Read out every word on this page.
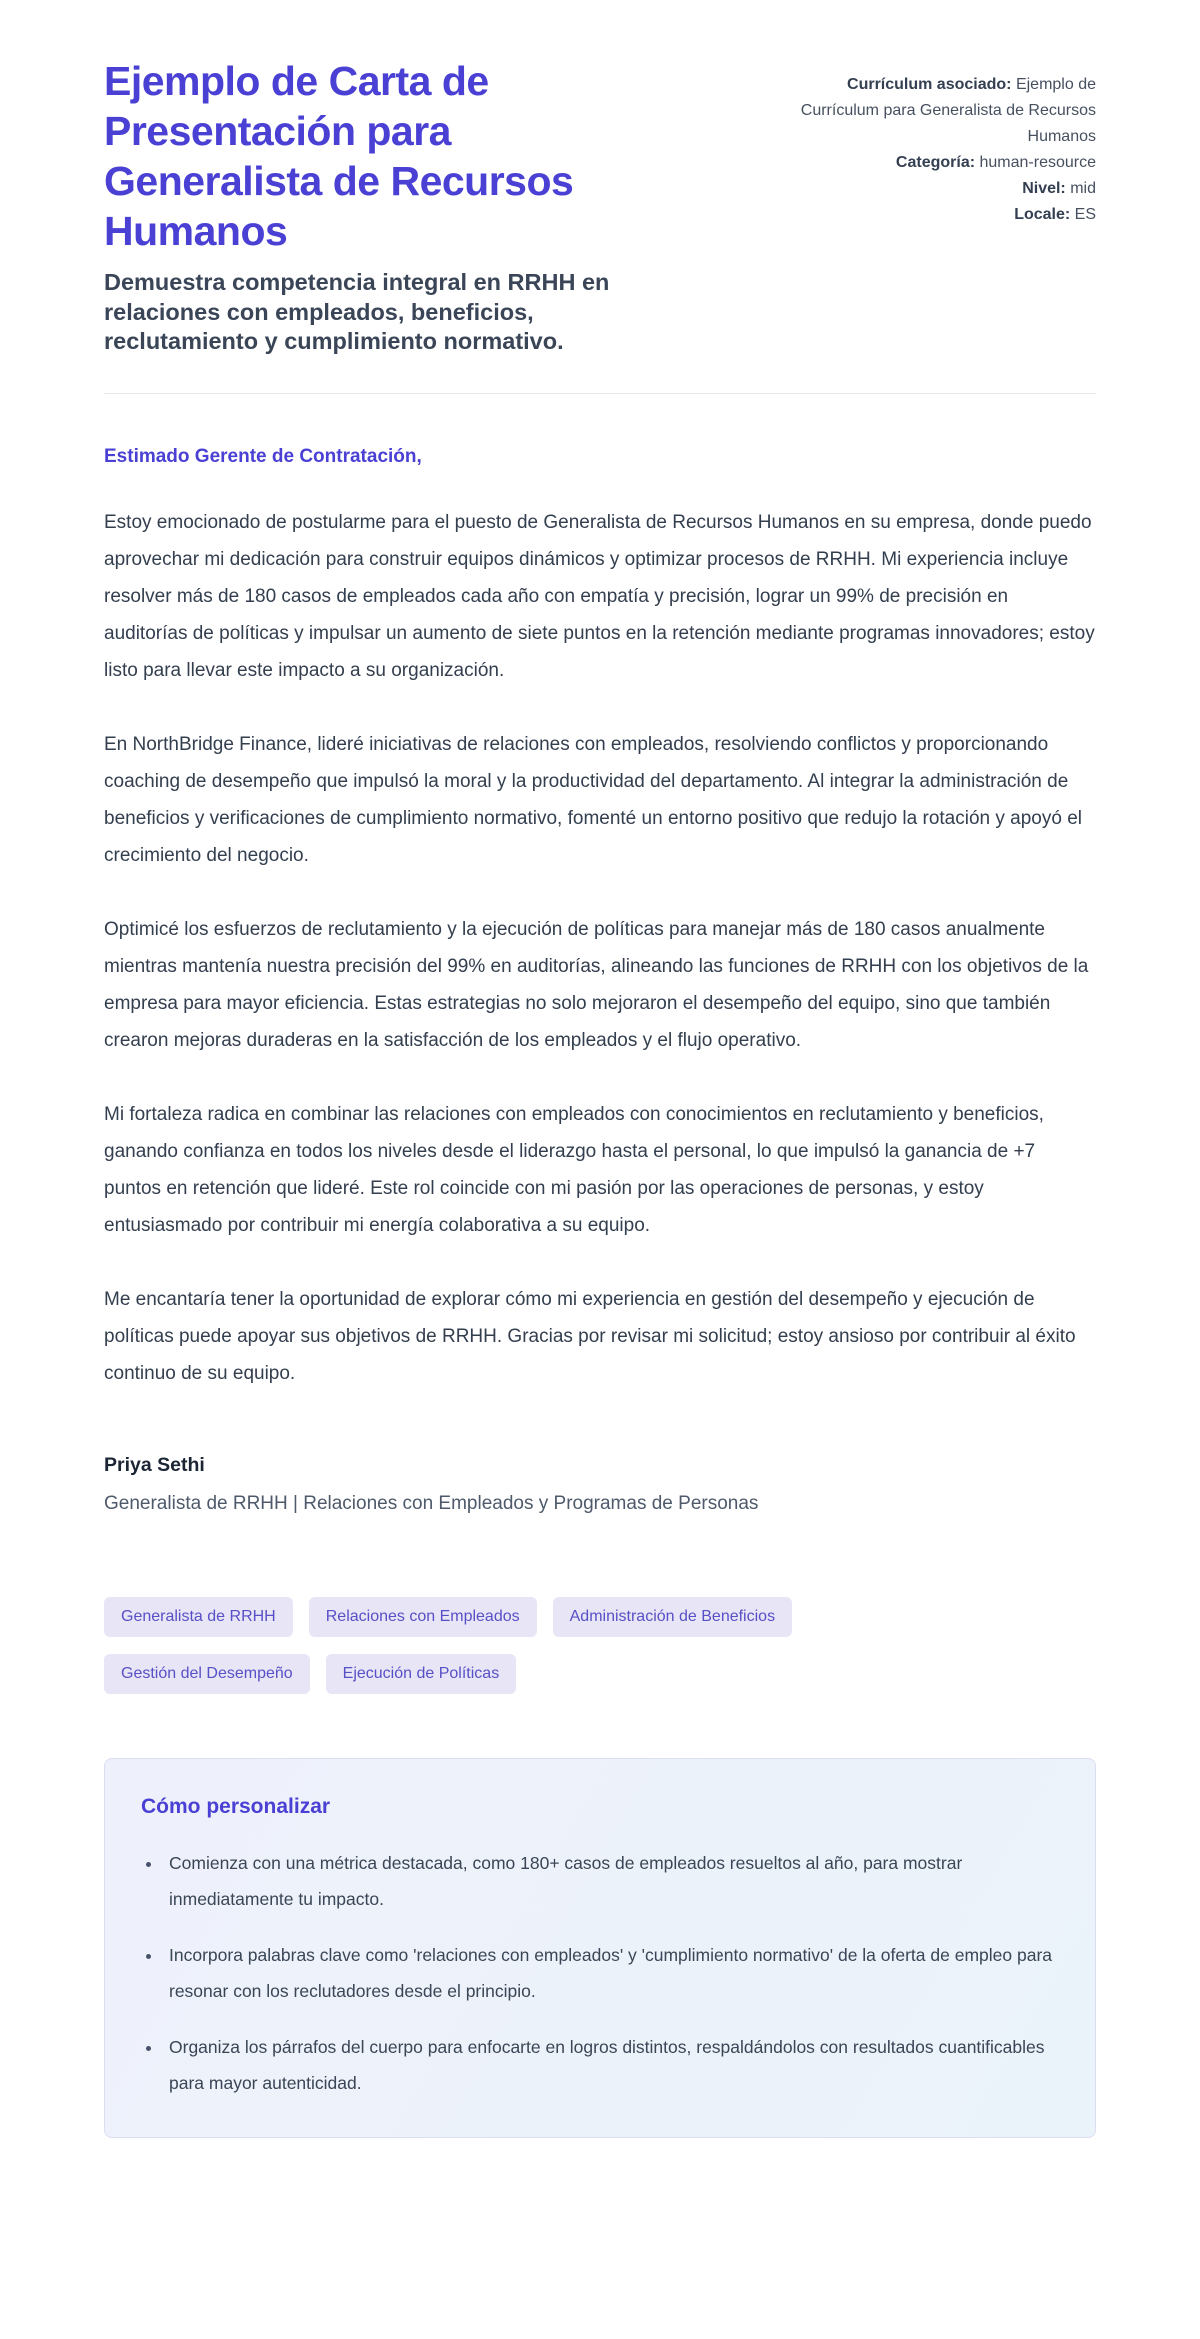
Ejemplo de Carta de Presentación para Generalista de Recursos Humanos

Demuestra competencia integral en RRHH en relaciones con empleados, beneficios, reclutamiento y cumplimiento normativo.

Currículum asociado: Ejemplo de Currículum para Generalista de Recursos Humanos
Categoría: human-resource
Nivel: mid
Locale: ES

Estimado Gerente de Contratación,

Estoy emocionado de postularme para el puesto de Generalista de Recursos Humanos en su empresa, donde puedo aprovechar mi dedicación para construir equipos dinámicos y optimizar procesos de RRHH. Mi experiencia incluye resolver más de 180 casos de empleados cada año con empatía y precisión, lograr un 99% de precisión en auditorías de políticas y impulsar un aumento de siete puntos en la retención mediante programas innovadores; estoy listo para llevar este impacto a su organización.

En NorthBridge Finance, lideré iniciativas de relaciones con empleados, resolviendo conflictos y proporcionando coaching de desempeño que impulsó la moral y la productividad del departamento. Al integrar la administración de beneficios y verificaciones de cumplimiento normativo, fomenté un entorno positivo que redujo la rotación y apoyó el crecimiento del negocio.

Optimicé los esfuerzos de reclutamiento y la ejecución de políticas para manejar más de 180 casos anualmente mientras mantenía nuestra precisión del 99% en auditorías, alineando las funciones de RRHH con los objetivos de la empresa para mayor eficiencia. Estas estrategias no solo mejoraron el desempeño del equipo, sino que también crearon mejoras duraderas en la satisfacción de los empleados y el flujo operativo.

Mi fortaleza radica en combinar las relaciones con empleados con conocimientos en reclutamiento y beneficios, ganando confianza en todos los niveles desde el liderazgo hasta el personal, lo que impulsó la ganancia de +7 puntos en retención que lideré. Este rol coincide con mi pasión por las operaciones de personas, y estoy entusiasmado por contribuir mi energía colaborativa a su equipo.

Me encantaría tener la oportunidad de explorar cómo mi experiencia en gestión del desempeño y ejecución de políticas puede apoyar sus objetivos de RRHH. Gracias por revisar mi solicitud; estoy ansioso por contribuir al éxito continuo de su equipo.

Priya Sethi

Generalista de RRHH | Relaciones con Empleados y Programas de Personas

Generalista de RRHH	Relaciones con Empleados	Administración de Beneficios
Gestión del Desempeño	Ejecución de Políticas
Cómo personalizar
• Comienza con una métrica destacada, como 180+ casos de empleados resueltos al año, para mostrar inmediatamente tu impacto.
• Incorpora palabras clave como 'relaciones con empleados' y 'cumplimiento normativo' de la oferta de empleo para resonar con los reclutadores desde el principio.
• Organiza los párrafos del cuerpo para enfocarte en logros distintos, respaldándolos con resultados cuantificables para mayor autenticidad.
